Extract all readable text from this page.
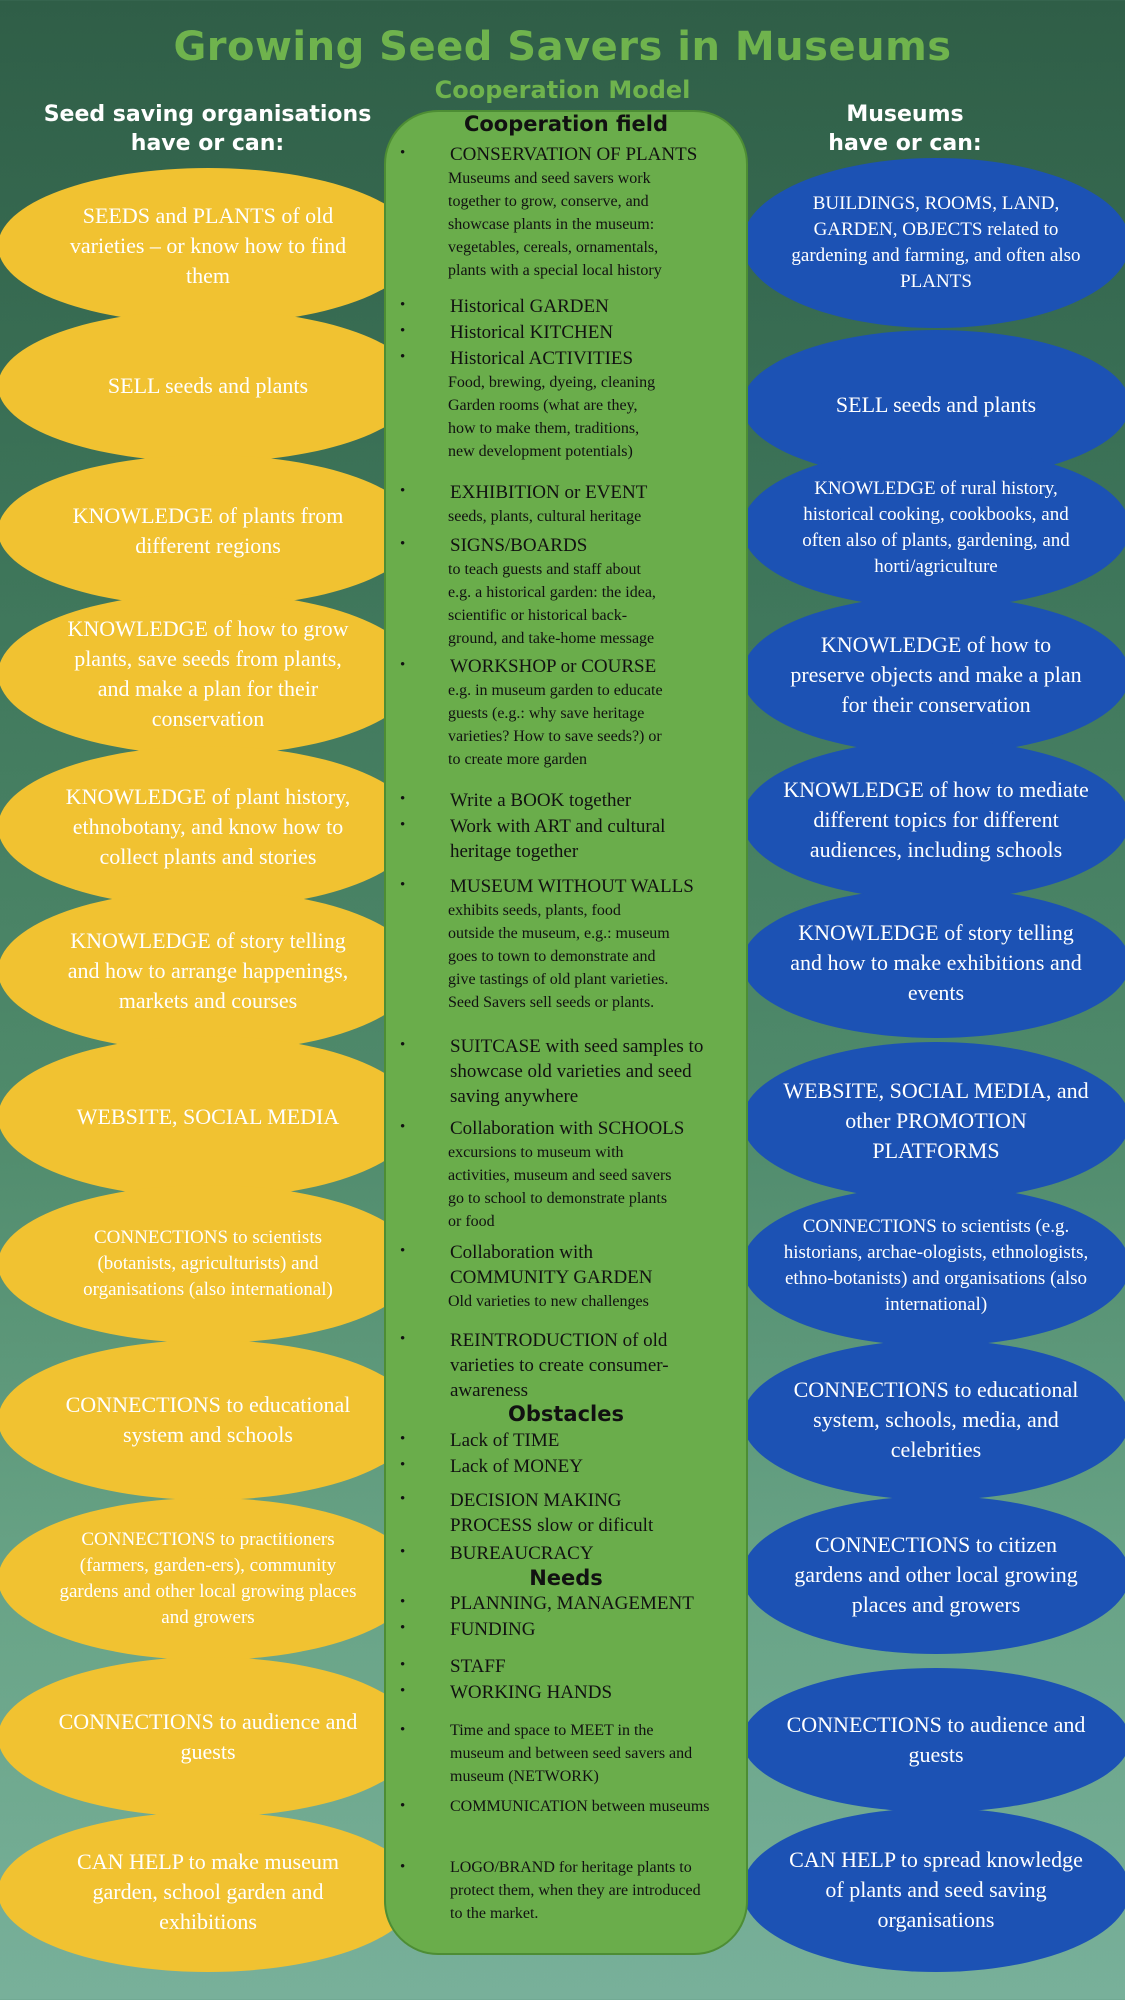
Growing Seed Savers in Museums
Cooperation Model
Seed saving organisations
have or can:
Museums
have or can:
SEEDS and PLANTS of old varieties – or know how to find them
SELL seeds and plants
KNOWLEDGE of plants from different regions
KNOWLEDGE of how to grow plants, save seeds from plants, and make a plan for their conservation
KNOWLEDGE of plant history, ethnobotany, and know how to collect plants and stories
KNOWLEDGE of story telling and how to arrange happenings, markets and courses
WEBSITE, SOCIAL MEDIA
CONNECTIONS to scientists (botanists, agriculturists) and organisations (also international)
CONNECTIONS to educational system and schools
CONNECTIONS to practitioners (farmers, garden-ers), community gardens and other local growing places and growers
CONNECTIONS to audience and guests
CAN HELP to make museum garden, school garden and exhibitions
BUILDINGS, ROOMS, LAND, GARDEN, OBJECTS related to gardening and farming, and often also PLANTS
SELL seeds and plants
KNOWLEDGE of rural history, historical cooking, cookbooks, and often also of plants, gardening, and horti/agriculture
KNOWLEDGE of how to preserve objects and make a plan for their conservation
KNOWLEDGE of how to mediate different topics for different audiences, including schools
KNOWLEDGE of story telling and how to make exhibitions and events
WEBSITE, SOCIAL MEDIA, and other PROMOTION PLATFORMS
CONNECTIONS to scientists (e.g. historians, archae-ologists, ethnologists, ethno-botanists) and organisations (also international)
CONNECTIONS to educational system, schools, media, and celebrities
CONNECTIONS to citizen gardens and other local growing places and growers
CONNECTIONS to audience and guests
CAN HELP to spread knowledge of plants and seed saving organisations
Cooperation field
• CONSERVATION OF PLANTS
Museums and seed savers work
together to grow, conserve, and
showcase plants in the museum:
vegetables, cereals, ornamentals,
plants with a special local history
• Historical GARDEN
• Historical KITCHEN
• Historical ACTIVITIES
Food, brewing, dyeing, cleaning
Garden rooms (what are they,
how to make them, traditions,
new development potentials)
• EXHIBITION or EVENT
seeds, plants, cultural heritage
• SIGNS/BOARDS
to teach guests and staff about
e.g. a historical garden: the idea,
scientific or historical back-
ground, and take-home message
• WORKSHOP or COURSE
e.g. in museum garden to educate
guests (e.g.: why save heritage
varieties? How to save seeds?) or
to create more garden
• Write a BOOK together
• Work with ART and cultural heritage together
• MUSEUM WITHOUT WALLS
exhibits seeds, plants, food
outside the museum, e.g.: museum
goes to town to demonstrate and
give tastings of old plant varieties.
Seed Savers sell seeds or plants.
• SUITCASE with seed samples to showcase old varieties and seed saving anywhere
• Collaboration with SCHOOLS
excursions to museum with
activities, museum and seed savers
go to school to demonstrate plants
or food
• Collaboration with COMMUNITY GARDEN
Old varieties to new challenges
• REINTRODUCTION of old varieties to create consumer-awareness
Obstacles
• Lack of TIME
• Lack of MONEY
• DECISION MAKING PROCESS slow or dificult
• BUREAUCRACY
Needs
• PLANNING, MANAGEMENT
• FUNDING
• STAFF
• WORKING HANDS
•	Time and space to MEET in the museum and between seed savers and museum (NETWORK)
•	COMMUNICATION between museums
•	LOGO/BRAND for heritage plants to protect them, when they are introduced to the market.
